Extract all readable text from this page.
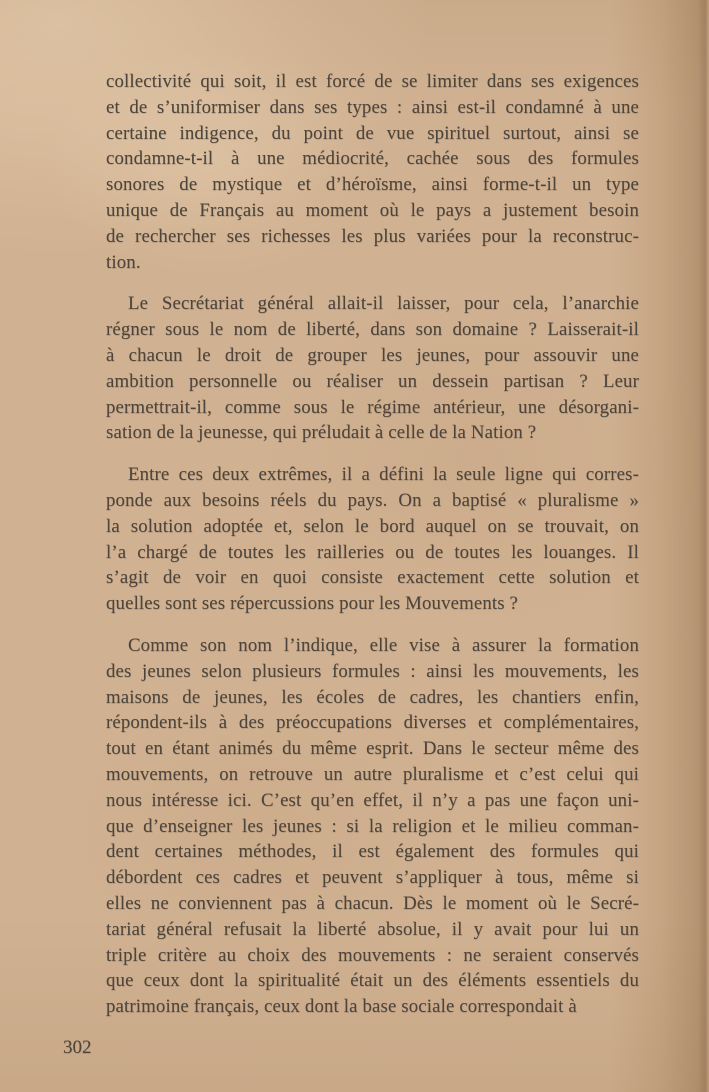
collectivité qui soit, il est forcé de se limiter dans ses exigences
et de s’uniformiser dans ses types : ainsi est-il condamné à une
certaine indigence, du point de vue spirituel surtout, ainsi se
condamne-t-il à une médiocrité, cachée sous des formules
sonores de mystique et d’héroïsme, ainsi forme-t-il un type
unique de Français au moment où le pays a justement besoin
de rechercher ses richesses les plus variées pour la reconstruc-
tion.
Le Secrétariat général allait-il laisser, pour cela, l’anarchie
régner sous le nom de liberté, dans son domaine ? Laisserait-il
à chacun le droit de grouper les jeunes, pour assouvir une
ambition personnelle ou réaliser un dessein partisan ? Leur
permettrait-il, comme sous le régime antérieur, une désorgani-
sation de la jeunesse, qui préludait à celle de la Nation ?
Entre ces deux extrêmes, il a défini la seule ligne qui corres-
ponde aux besoins réels du pays. On a baptisé « pluralisme »
la solution adoptée et, selon le bord auquel on se trouvait, on
l’a chargé de toutes les railleries ou de toutes les louanges. Il
s’agit de voir en quoi consiste exactement cette solution et
quelles sont ses répercussions pour les Mouvements ?
Comme son nom l’indique, elle vise à assurer la formation
des jeunes selon plusieurs formules : ainsi les mouvements, les
maisons de jeunes, les écoles de cadres, les chantiers enfin,
répondent-ils à des préoccupations diverses et complémentaires,
tout en étant animés du même esprit. Dans le secteur même des
mouvements, on retrouve un autre pluralisme et c’est celui qui
nous intéresse ici. C’est qu’en effet, il n’y a pas une façon uni-
que d’enseigner les jeunes : si la religion et le milieu comman-
dent certaines méthodes, il est également des formules qui
débordent ces cadres et peuvent s’appliquer à tous, même si
elles ne conviennent pas à chacun. Dès le moment où le Secré-
tariat général refusait la liberté absolue, il y avait pour lui un
triple critère au choix des mouvements : ne seraient conservés
que ceux dont la spiritualité était un des éléments essentiels du
patrimoine français, ceux dont la base sociale correspondait à
302
